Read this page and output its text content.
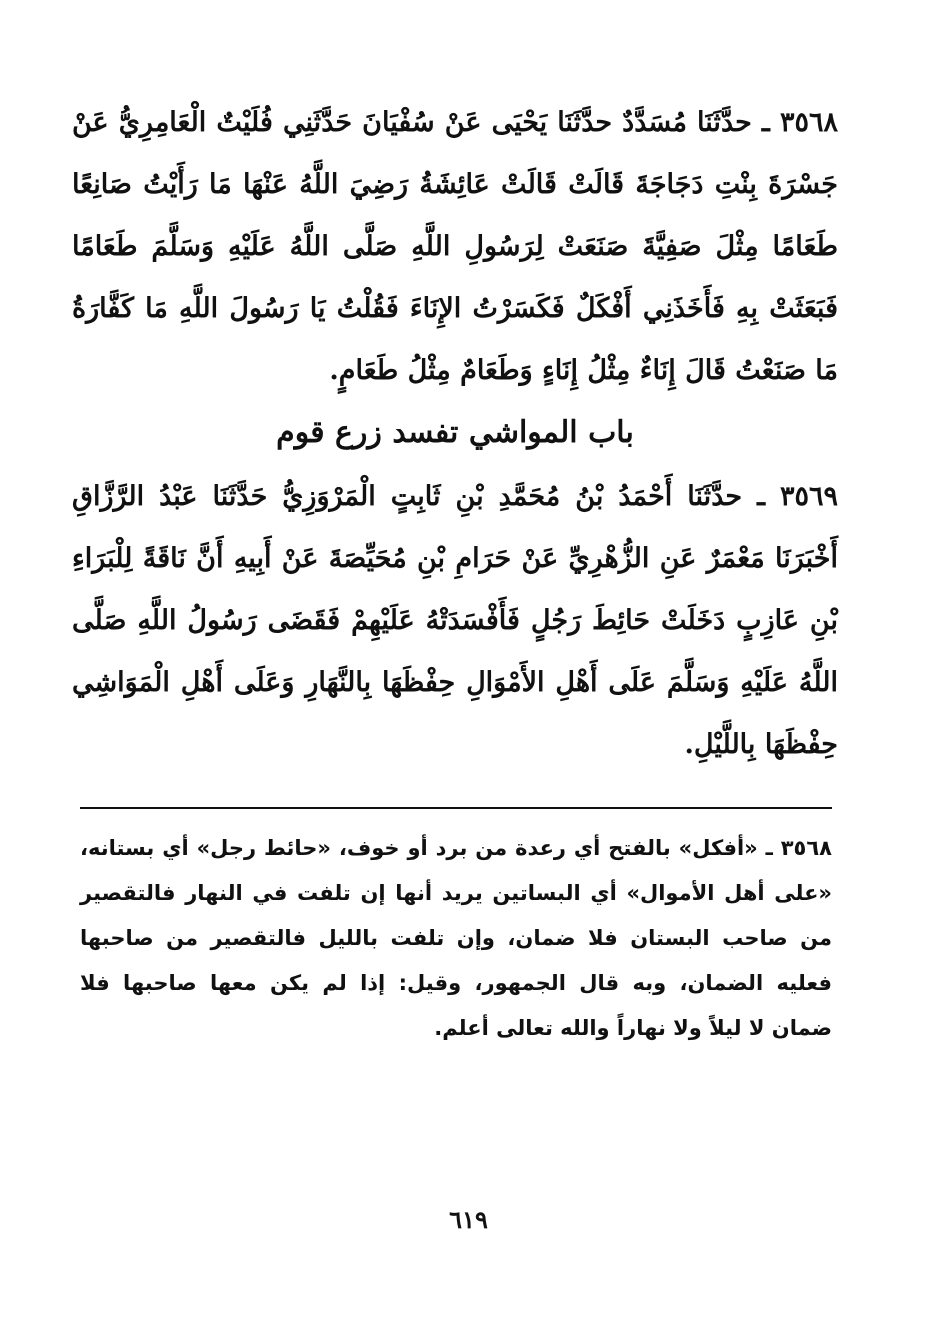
٣٥٦٨ ـ حدَّثَنَا مُسَدَّدٌ حدَّثَنَا يَحْيَى عَنْ سُفْيَانَ حَدَّثَنِي فُلَيْتٌ الْعَامِرِيُّ عَنْ جَسْرَةَ بِنْتِ دَجَاجَةَ قَالَتْ قَالَتْ عَائِشَةُ رَضِيَ اللَّهُ عَنْهَا مَا رَأَيْتُ صَانِعًا طَعَامًا مِثْلَ صَفِيَّةَ صَنَعَتْ لِرَسُولِ اللَّهِ صَلَّى اللَّهُ عَلَيْهِ وَسَلَّمَ طَعَامًا فَبَعَثَتْ بِهِ فَأَخَذَنِي أَفْكَلٌ فَكَسَرْتُ الإِنَاءَ فَقُلْتُ يَا رَسُولَ اللَّهِ مَا كَفَّارَةُ مَا صَنَعْتُ قَالَ إِنَاءٌ مِثْلُ إِنَاءٍ وَطَعَامٌ مِثْلُ طَعَامٍ.

باب المواشي تفسد زرع قوم

٣٥٦٩ ـ حدَّثَنَا أَحْمَدُ بْنُ مُحَمَّدِ بْنِ ثَابِتٍ الْمَرْوَزِيُّ حَدَّثَنَا عَبْدُ الرَّزَّاقِ أَخْبَرَنَا مَعْمَرٌ عَنِ الزُّهْرِيِّ عَنْ حَرَامِ بْنِ مُحَيِّصَةَ عَنْ أَبِيهِ أَنَّ نَاقَةً لِلْبَرَاءِ بْنِ عَازِبٍ دَخَلَتْ حَائِطَ رَجُلٍ فَأَفْسَدَتْهُ عَلَيْهِمْ فَقَضَى رَسُولُ اللَّهِ صَلَّى اللَّهُ عَلَيْهِ وَسَلَّمَ عَلَى أَهْلِ الأَمْوَالِ حِفْظَهَا بِالنَّهَارِ وَعَلَى أَهْلِ الْمَوَاشِي حِفْظَهَا بِاللَّيْلِ.

٣٥٦٨ ـ «أفكل» بالفتح أي رعدة من برد أو خوف، «حائط رجل» أي بستانه، «على أهل الأموال» أي البساتين يريد أنها إن تلفت في النهار فالتقصير من صاحب البستان فلا ضمان، وإن تلفت بالليل فالتقصير من صاحبها فعليه الضمان، وبه قال الجمهور، وقيل: إذا لم يكن معها صاحبها فلا ضمان لا ليلاً ولا نهاراً والله تعالى أعلم.

٦١٩
